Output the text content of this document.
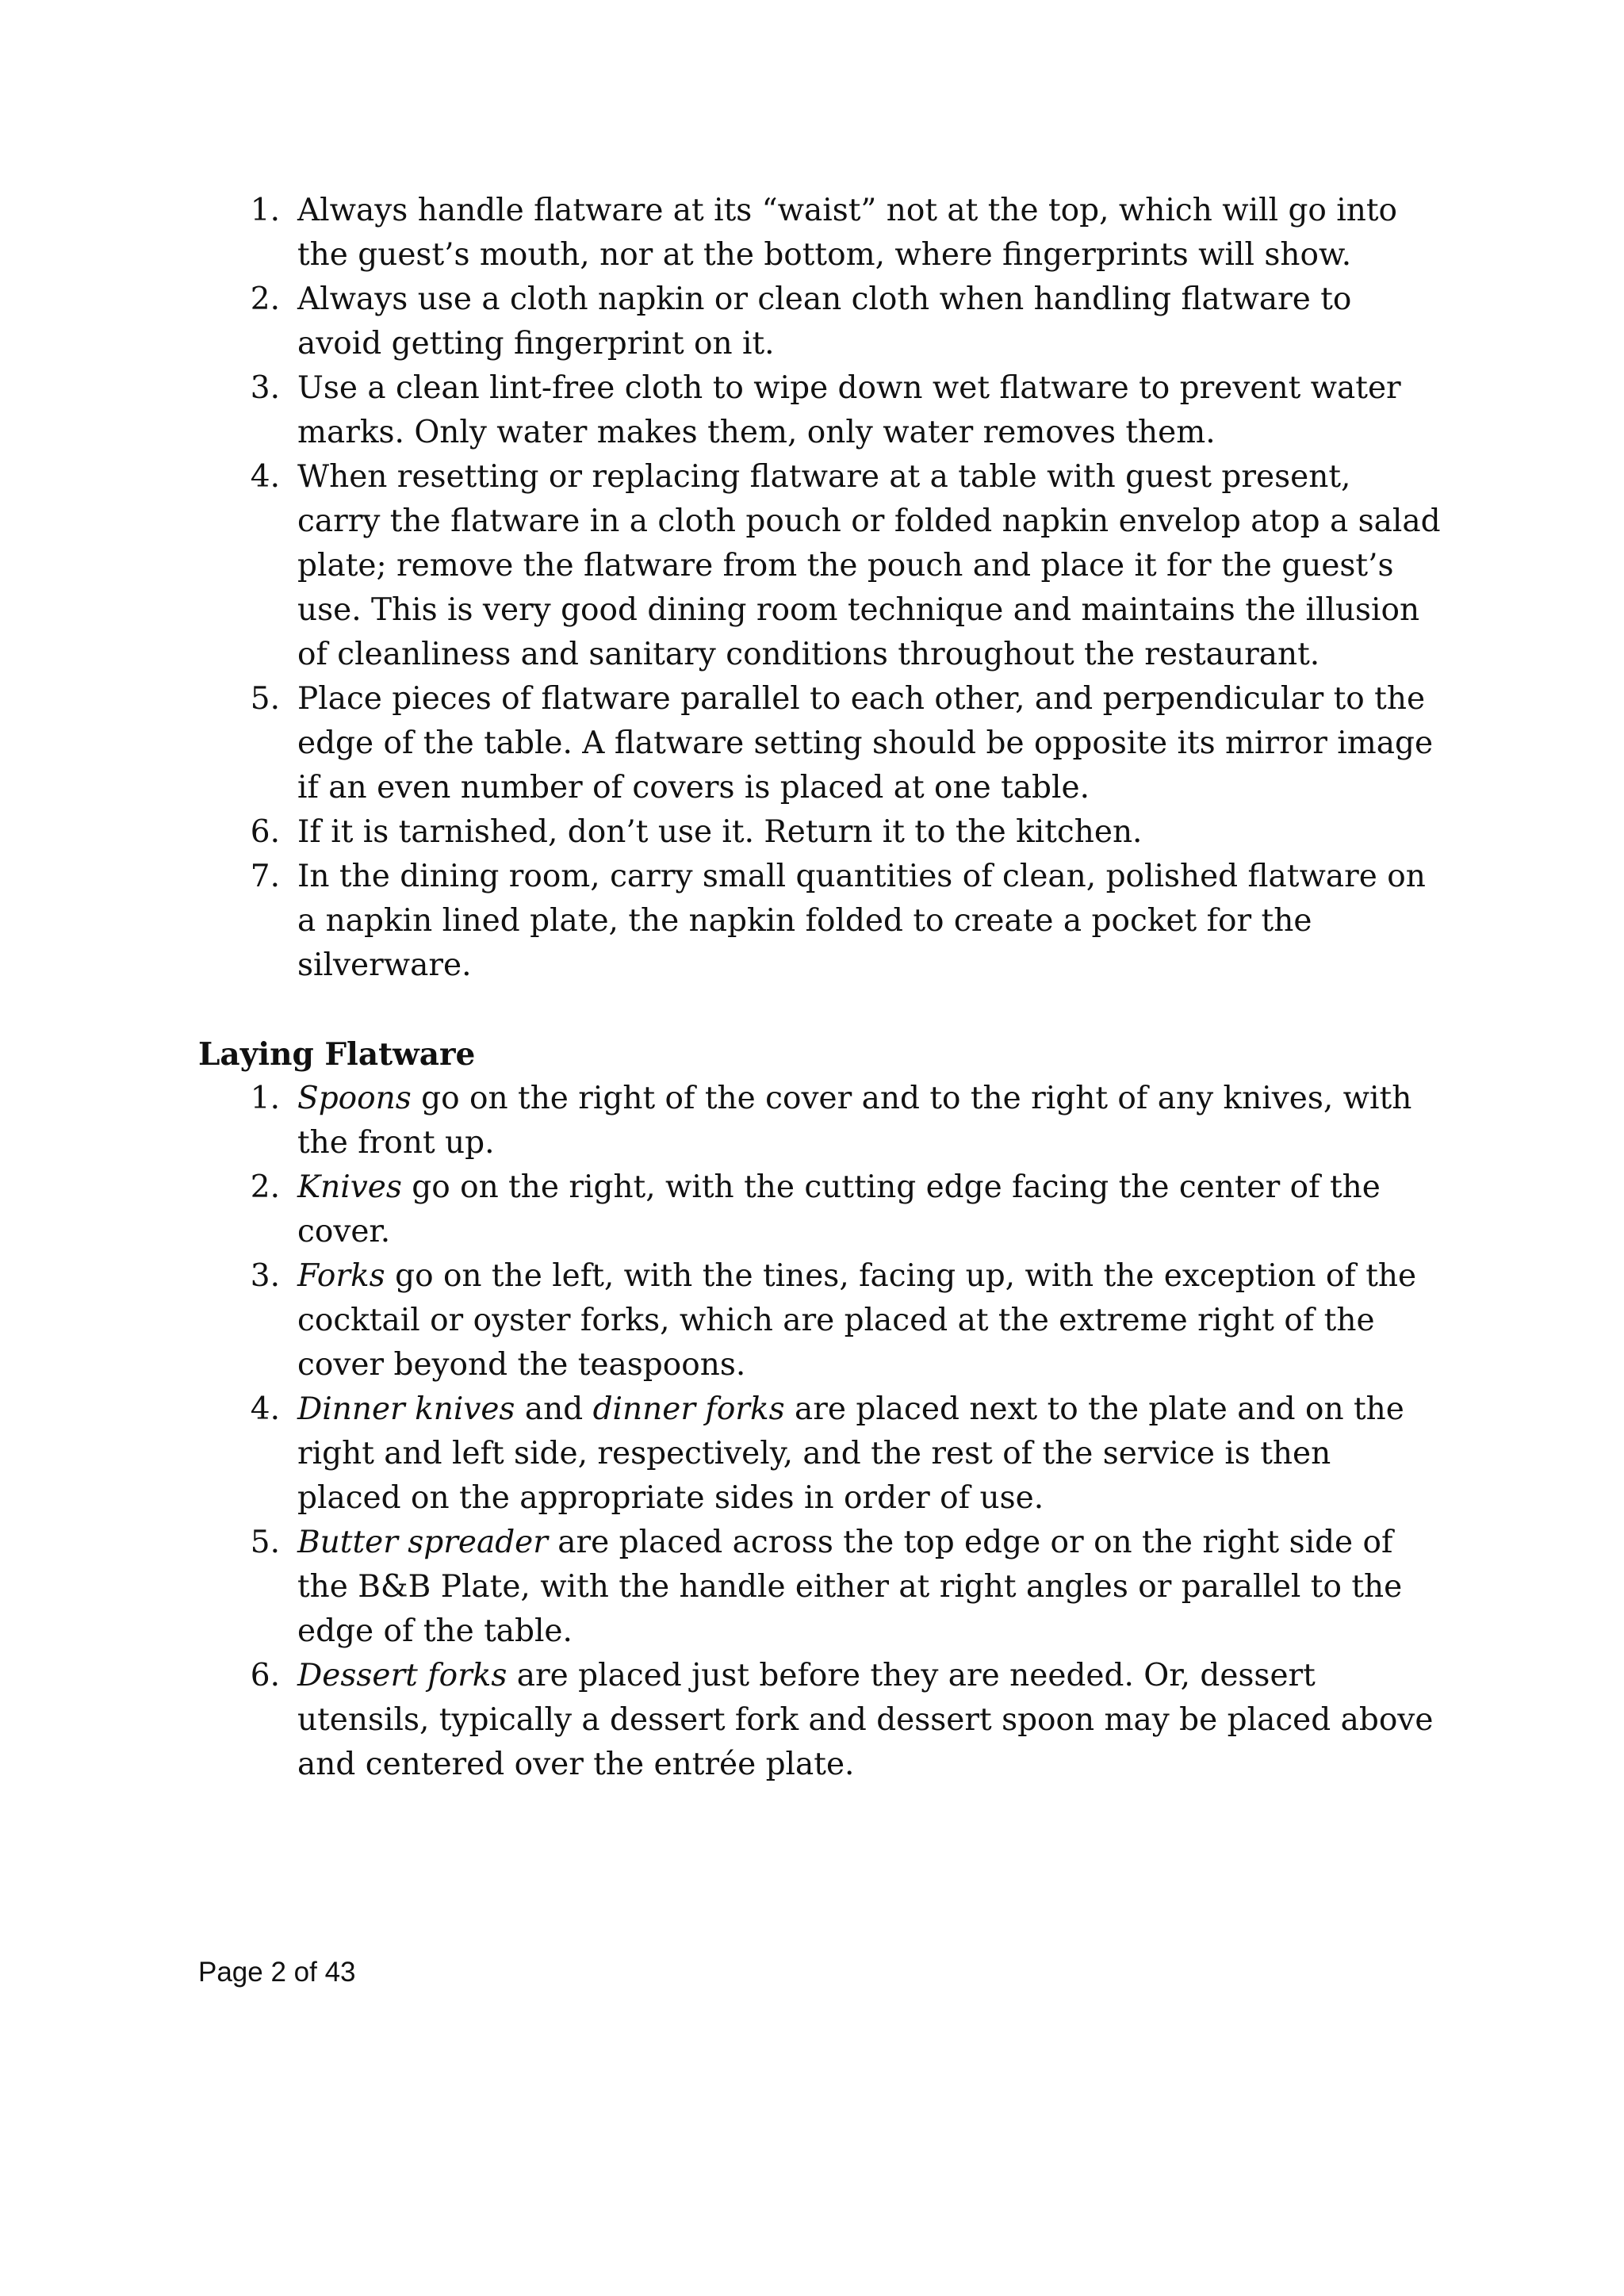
1. Always handle flatware at its “waist” not at the top, which will go into the guest’s mouth, nor at the bottom, where fingerprints will show.
2. Always use a cloth napkin or clean cloth when handling flatware to avoid getting fingerprint on it.
3. Use a clean lint-free cloth to wipe down wet flatware to prevent water marks. Only water makes them, only water removes them.
4. When resetting or replacing flatware at a table with guest present, carry the flatware in a cloth pouch or folded napkin envelop atop a salad plate; remove the flatware from the pouch and place it for the guest’s use. This is very good dining room technique and maintains the illusion of cleanliness and sanitary conditions throughout the restaurant.
5. Place pieces of flatware parallel to each other, and perpendicular to the edge of the table. A flatware setting should be opposite its mirror image if an even number of covers is placed at one table.
6. If it is tarnished, don’t use it. Return it to the kitchen.
7. In the dining room, carry small quantities of clean, polished flatware on a napkin lined plate, the napkin folded to create a pocket for the silverware.
Laying Flatware
1. Spoons go on the right of the cover and to the right of any knives, with the front up.
2. Knives go on the right, with the cutting edge facing the center of the cover.
3. Forks go on the left, with the tines, facing up, with the exception of the cocktail or oyster forks, which are placed at the extreme right of the cover beyond the teaspoons.
4. Dinner knives and dinner forks are placed next to the plate and on the right and left side, respectively, and the rest of the service is then placed on the appropriate sides in order of use.
5. Butter spreader are placed across the top edge or on the right side of the B&B Plate, with the handle either at right angles or parallel to the edge of the table.
6. Dessert forks are placed just before they are needed. Or, dessert utensils, typically a dessert fork and dessert spoon may be placed above and centered over the entrée plate.
Page 2 of 43
